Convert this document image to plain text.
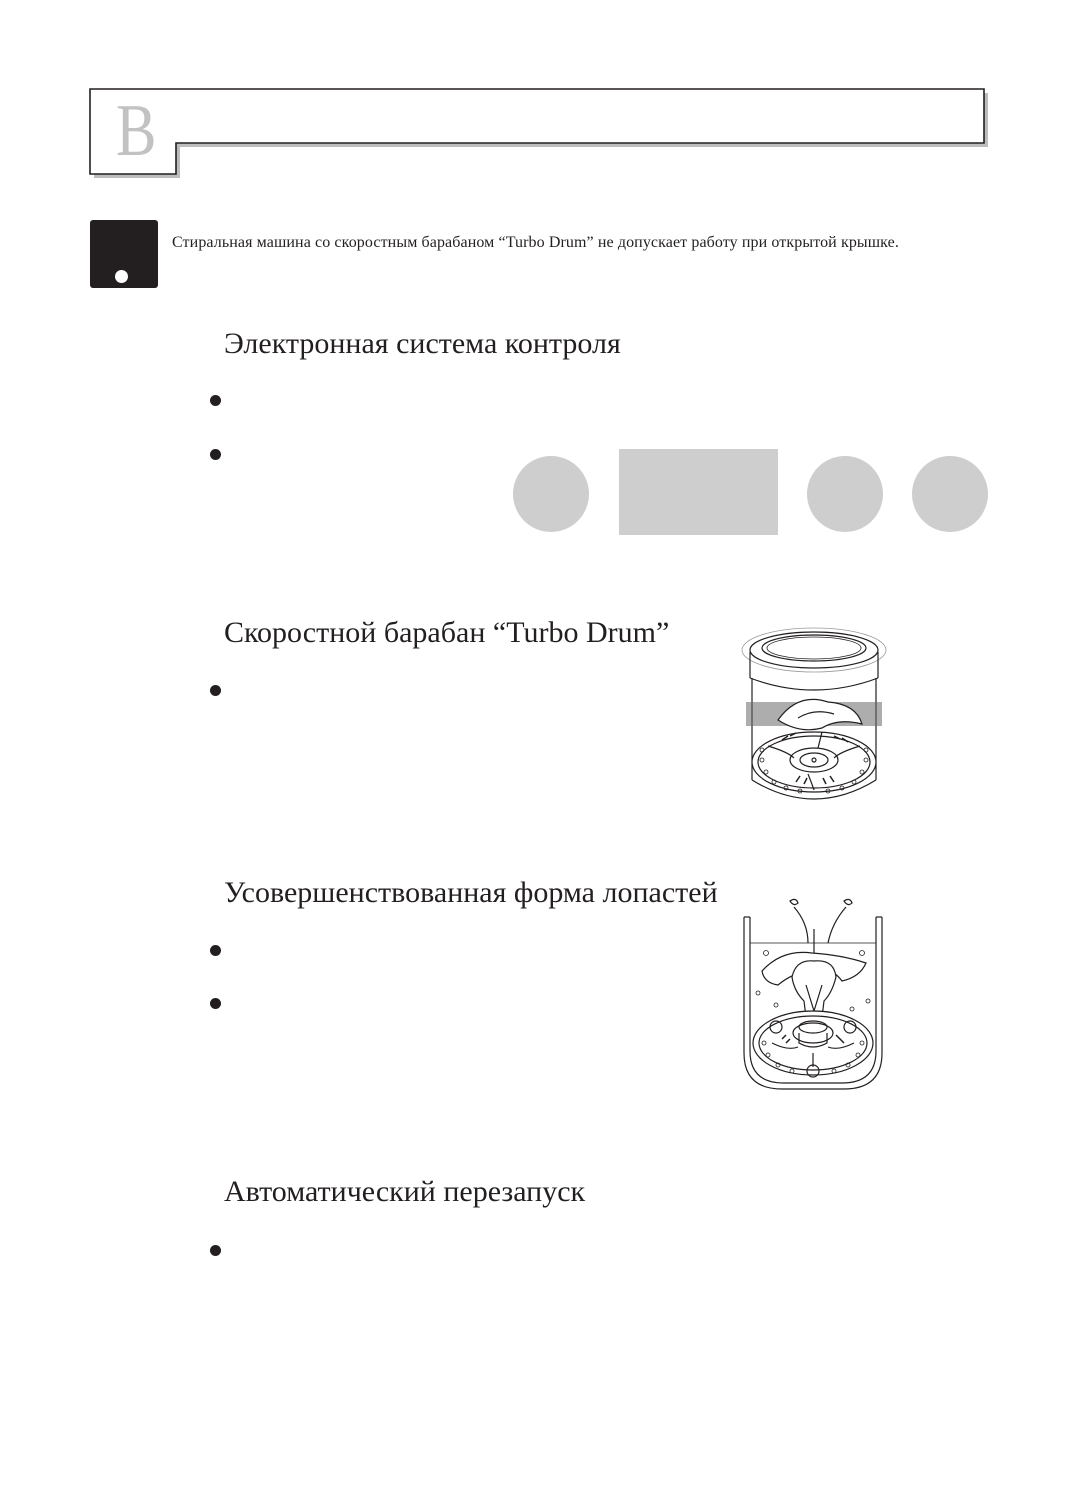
B
Стиральная машина со скоростным барабаном “Turbo Drum” не допускает работу при открытой крышке.
Электронная система контроля
Скоростной барабан “Turbo Drum”
Усовершенствованная форма лопастей
Автоматический перезапуск
